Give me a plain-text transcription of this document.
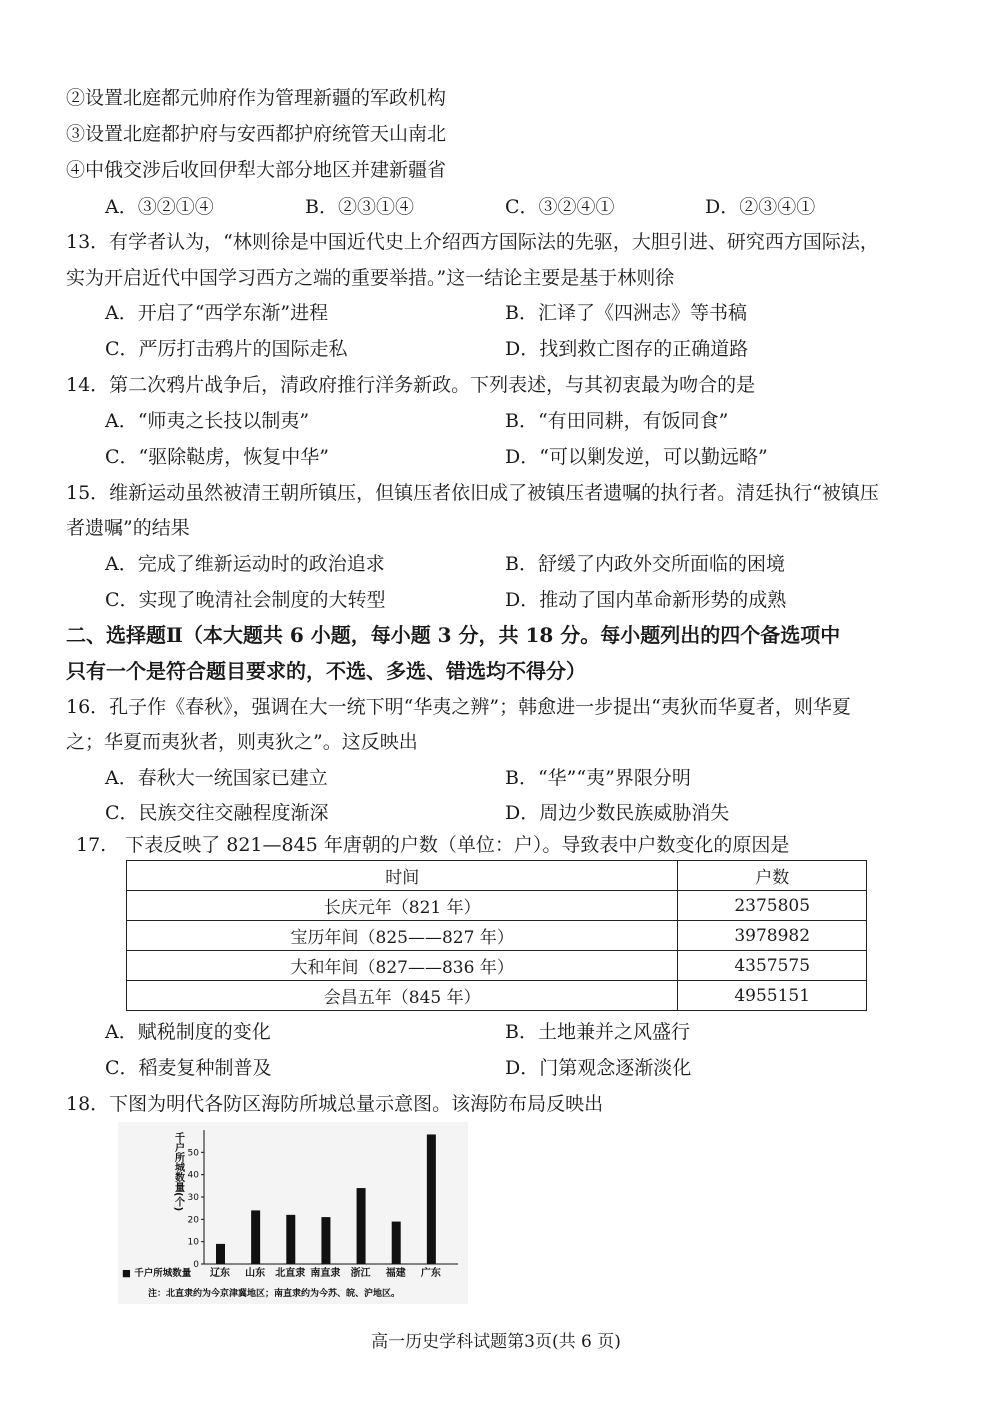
②设置北庭都元帅府作为管理新疆的军政机构
③设置北庭都护府与安西都护府统管天山南北
④中俄交涉后收回伊犁大部分地区并建新疆省
A．③②①④	B．②③①④	C．③②④①	D．②③④①
13．有学者认为，“林则徐是中国近代史上介绍西方国际法的先驱，大胆引进、研究西方国际法，
实为开启近代中国学习西方之端的重要举措。”这一结论主要是基于林则徐
A．开启了“西学东渐”进程	B．汇译了《四洲志》等书稿
C．严厉打击鸦片的国际走私	D．找到救亡图存的正确道路
14．第二次鸦片战争后，清政府推行洋务新政。下列表述，与其初衷最为吻合的是
A．“师夷之长技以制夷”	B．“有田同耕，有饭同食”
C．“驱除鞑虏，恢复中华”	D．“可以剿发逆，可以勤远略”
15．维新运动虽然被清王朝所镇压，但镇压者依旧成了被镇压者遗嘱的执行者。清廷执行“被镇压
者遗嘱”的结果
A．完成了维新运动时的政治追求	B．舒缓了内政外交所面临的困境
C．实现了晚清社会制度的大转型	D．推动了国内革命新形势的成熟
二、选择题Ⅱ（本大题共 6 小题，每小题 3 分，共 18 分。每小题列出的四个备选项中
只有一个是符合题目要求的，不选、多选、错选均不得分）
16．孔子作《春秋》，强调在大一统下明“华夷之辨”；韩愈进一步提出“夷狄而华夏者，则华夏
之；华夏而夷狄者，则夷狄之”。这反映出
A．春秋大一统国家已建立	B．“华”“夷”界限分明
C．民族交往交融程度渐深	D．周边少数民族威胁消失
17.　下表反映了 821—845 年唐朝的户数（单位：户）。导致表中户数变化的原因是
时间	户数
长庆元年（821 年）	2375805
宝历年间（825——827 年）	3978982
大和年间（827——836 年）	4357575
会昌五年（845 年）	4955151
A．赋税制度的变化	B．土地兼并之风盛行
C．稻麦复种制普及	D．门第观念逐渐淡化
18．下图为明代各防区海防所城总量示意图。该海防布局反映出
0
10
20
30
40
50
千户所城数量(个)
辽东 山东 北直隶 南直隶 浙江 福建 广东
■ 千户所城数量
注：北直隶约为今京津冀地区；南直隶约为今苏、皖、沪地区。
高一历史学科试题第3页(共 6 页)
